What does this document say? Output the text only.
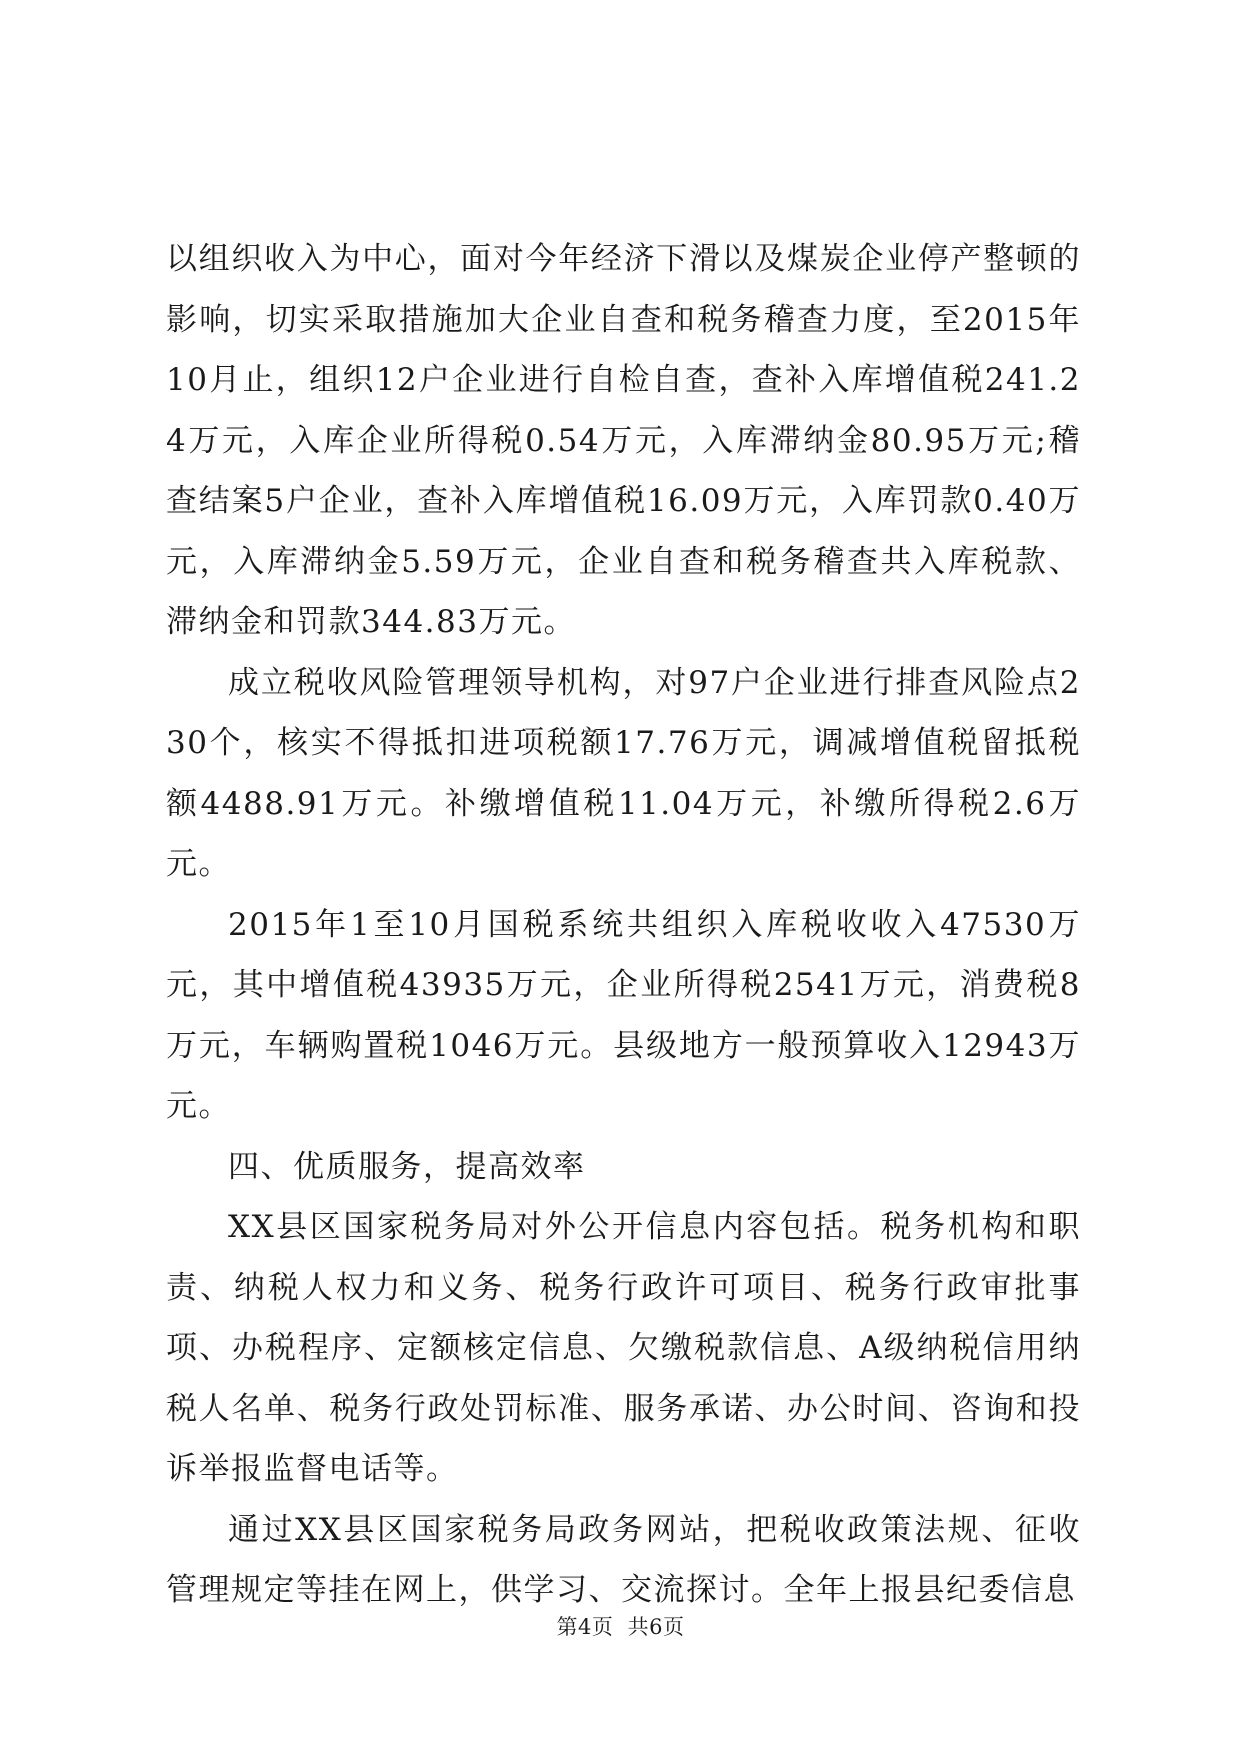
以组织收入为中心，面对今年经济下滑以及煤炭企业停产整顿的影响，切实采取措施加大企业自查和税务稽查力度，至2015年10月止，组织12户企业进行自检自查，查补入库增值税241.24万元，入库企业所得税0.54万元，入库滞纳金80.95万元;稽查结案5户企业，查补入库增值税16.09万元，入库罚款0.40万元，入库滞纳金5.59万元，企业自查和税务稽查共入库税款、滞纳金和罚款344.83万元。

成立税收风险管理领导机构，对97户企业进行排查风险点230个，核实不得抵扣进项税额17.76万元，调减增值税留抵税额4488.91万元。补缴增值税11.04万元，补缴所得税2.6万元。

2015年1至10月国税系统共组织入库税收收入47530万元，其中增值税43935万元，企业所得税2541万元，消费税8万元，车辆购置税1046万元。县级地方一般预算收入12943万元。

四、优质服务，提高效率

XX县区国家税务局对外公开信息内容包括。税务机构和职责、纳税人权力和义务、税务行政许可项目、税务行政审批事项、办税程序、定额核定信息、欠缴税款信息、A级纳税信用纳税人名单、税务行政处罚标准、服务承诺、办公时间、咨询和投诉举报监督电话等。

通过XX县区国家税务局政务网站，把税收政策法规、征收管理规定等挂在网上，供学习、交流探讨。全年上报县纪委信息

第4页  共6页
